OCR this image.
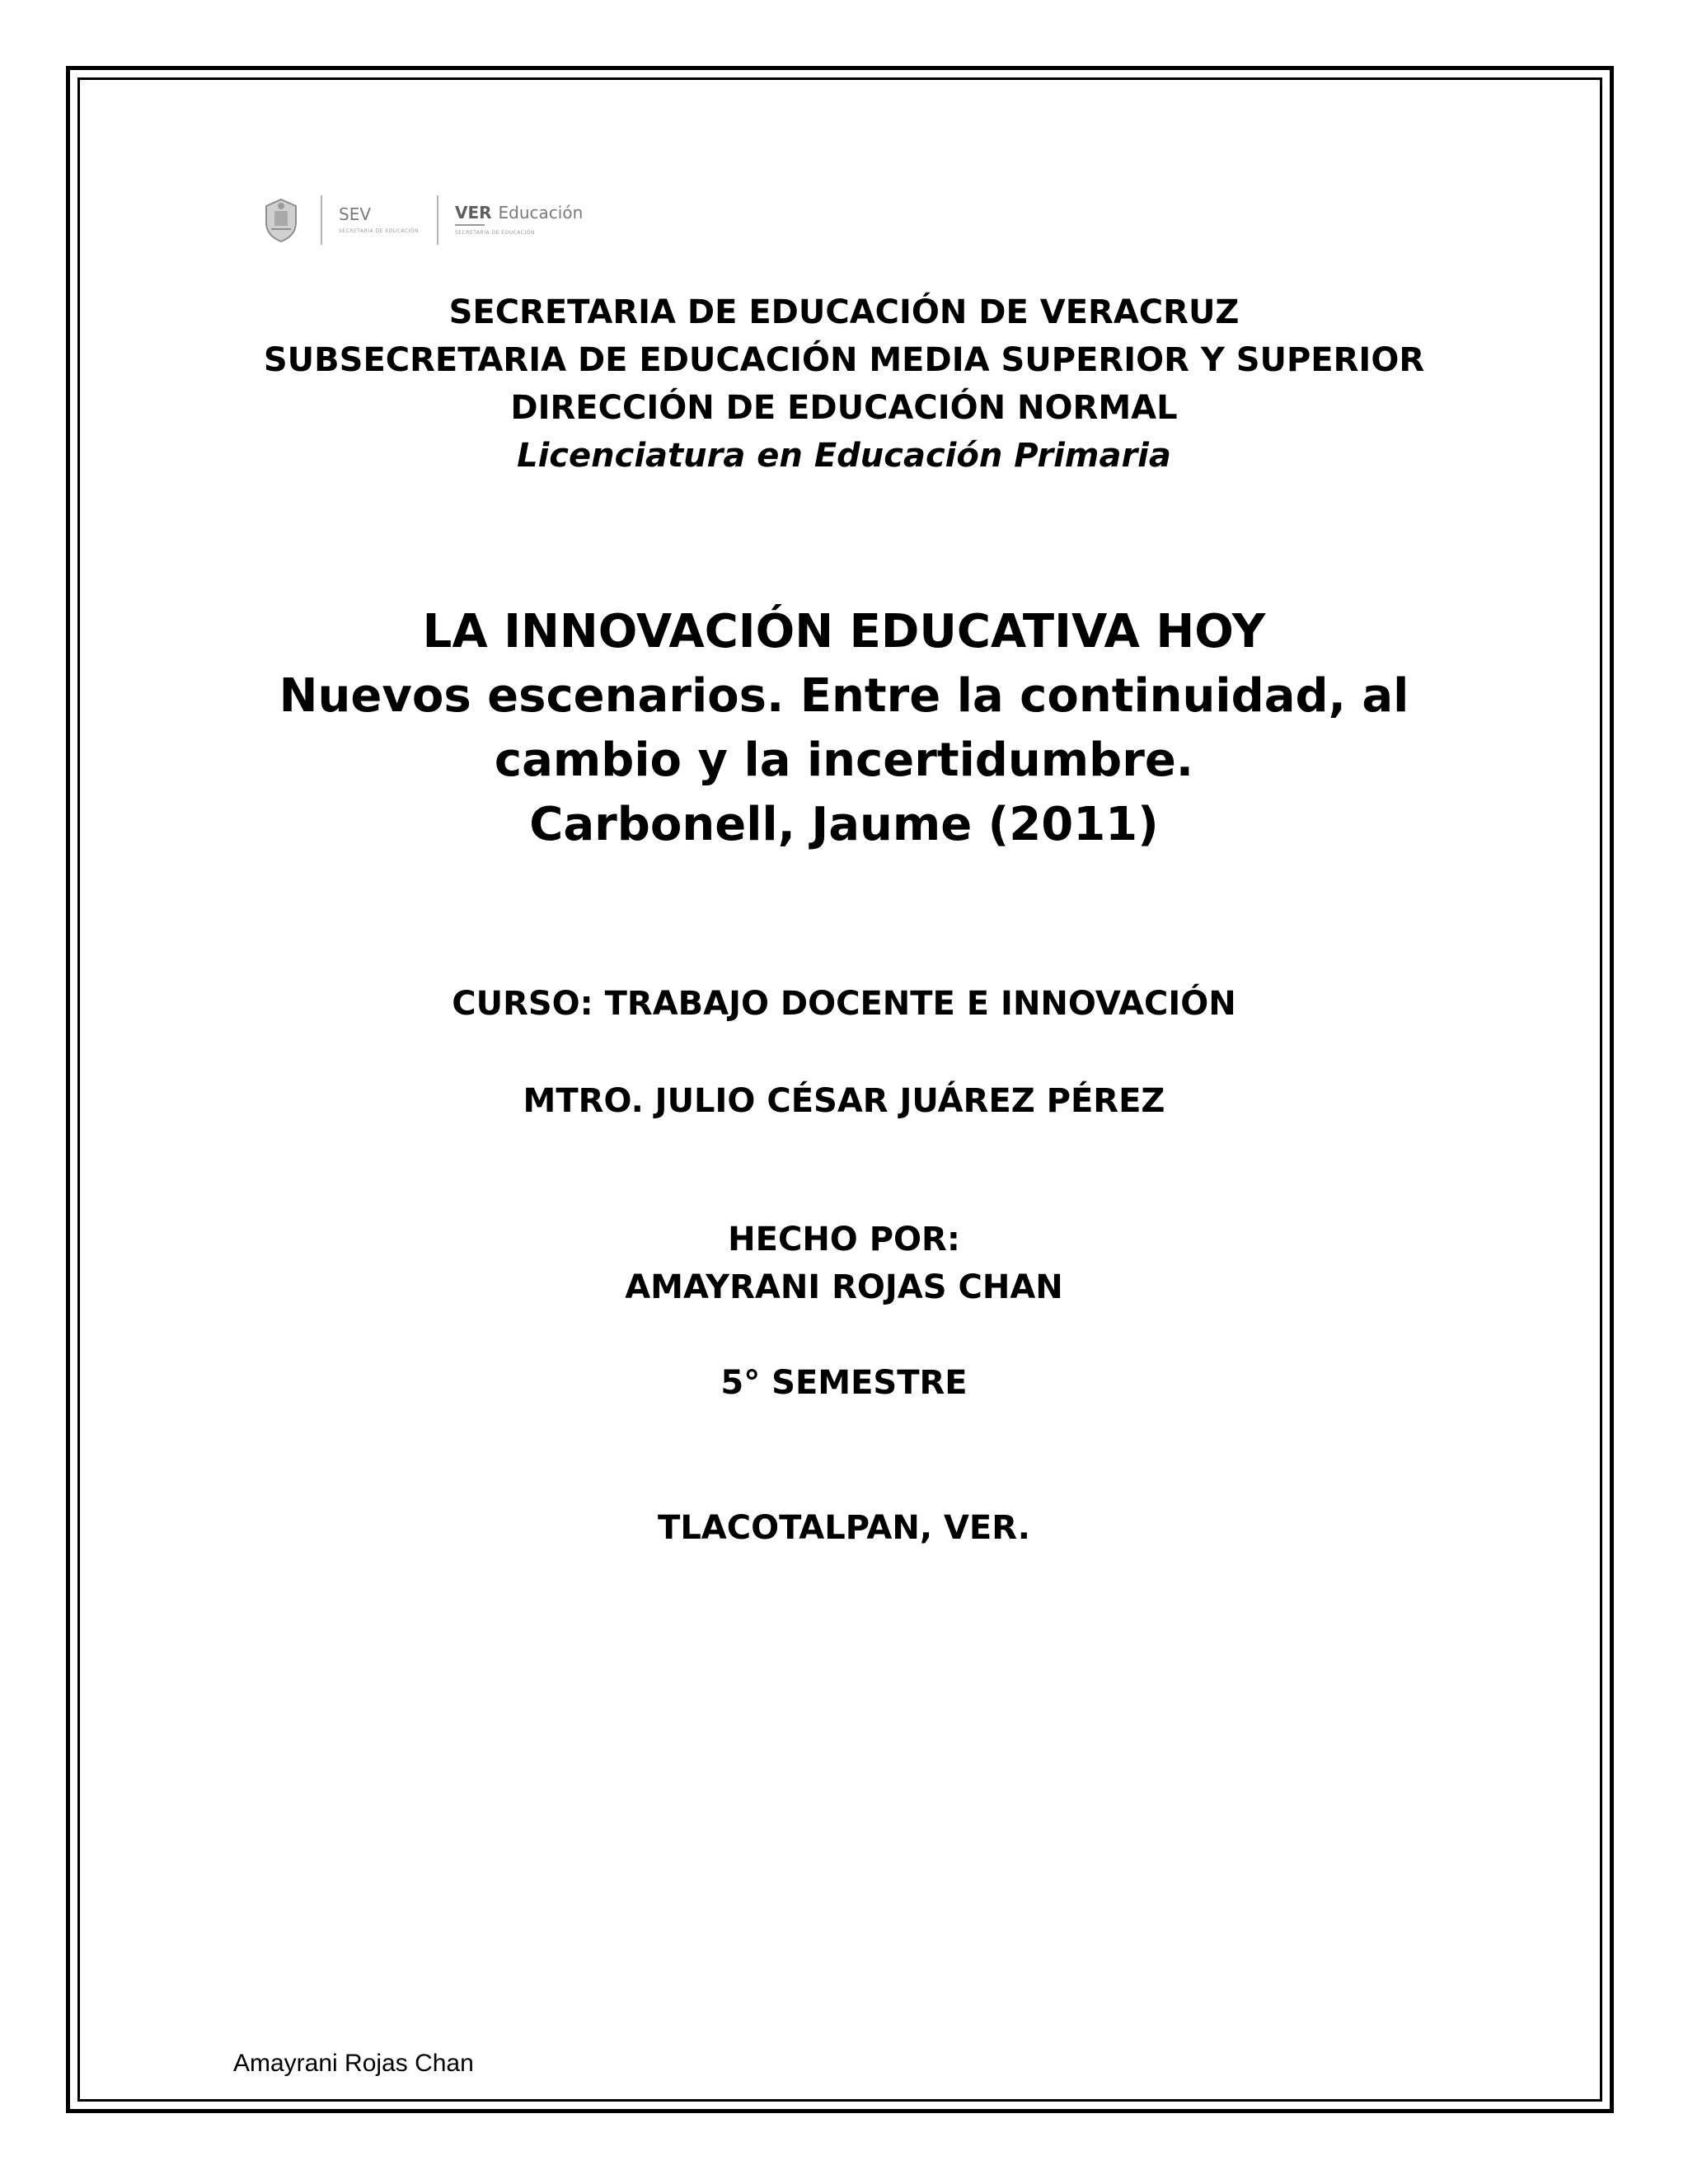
SEV
SECRETARÍA DE EDUCACIÓN
VER Educación
SECRETARÍA DE EDUCACIÓN
SECRETARIA DE EDUCACIÓN DE VERACRUZ
SUBSECRETARIA DE EDUCACIÓN MEDIA SUPERIOR Y SUPERIOR
DIRECCIÓN DE EDUCACIÓN NORMAL
Licenciatura en Educación Primaria
LA INNOVACIÓN EDUCATIVA HOY
Nuevos escenarios. Entre la continuidad, al
cambio y la incertidumbre.
Carbonell, Jaume (2011)
CURSO: TRABAJO DOCENTE E INNOVACIÓN
MTRO. JULIO CÉSAR JUÁREZ PÉREZ
HECHO POR:
AMAYRANI ROJAS CHAN
5° SEMESTRE
TLACOTALPAN, VER.
Amayrani Rojas Chan
